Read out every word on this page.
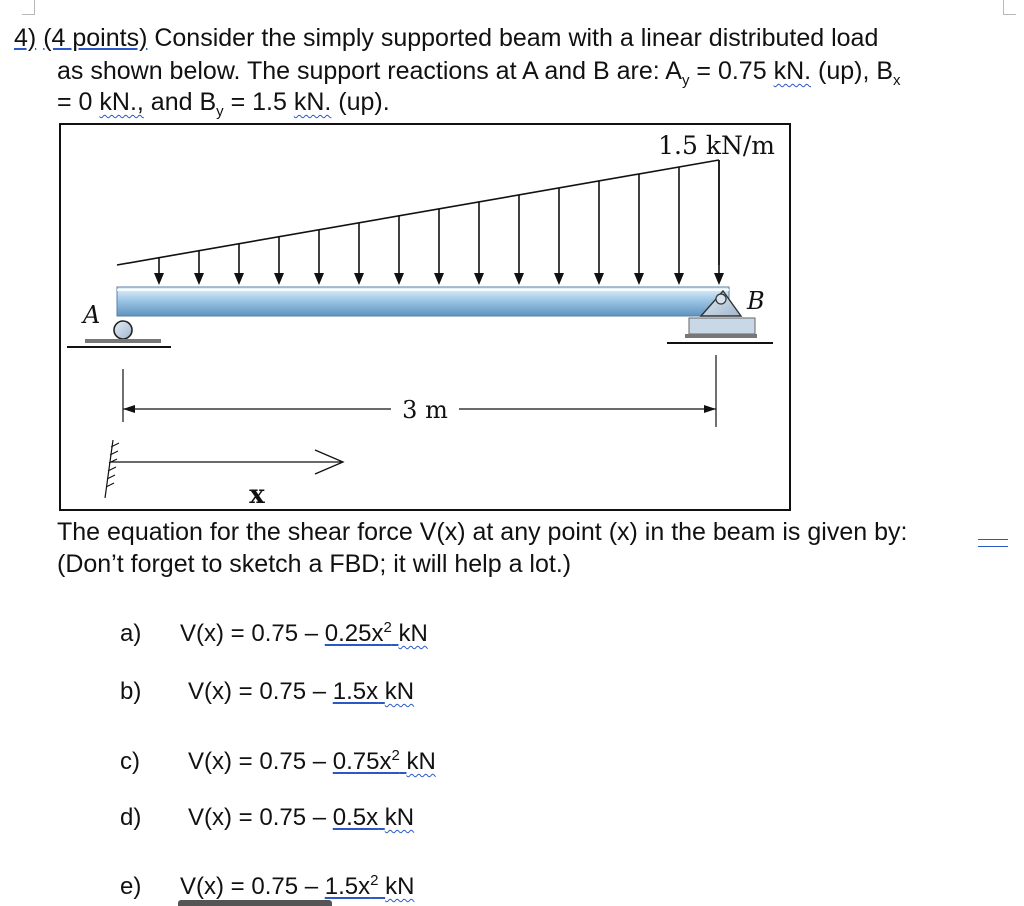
4) (4 points) Consider the simply supported beam with a linear distributed load
as shown below. The support reactions at A and B are: $A_y = 0.75$ kN. (up), $B_x$
= 0 kN., and $B_y = 1.5$ kN. (up).
1.5 kN/m
A	B
3 m
x
The equation for the shear force V(x) at any point (x) in the beam is given by:
(Don’t forget to sketch a FBD; it will help a lot.)
a) $V(x) = 0.75 - 0.25x^2$ kN
b) V(x) = 0.75 – 1.5x kN
c) $V(x) = 0.75 - 0.75x^2$ kN
d) V(x) = 0.75 – 0.5x kN
e) $V(x) = 0.75 - 1.5x^2$ kN
